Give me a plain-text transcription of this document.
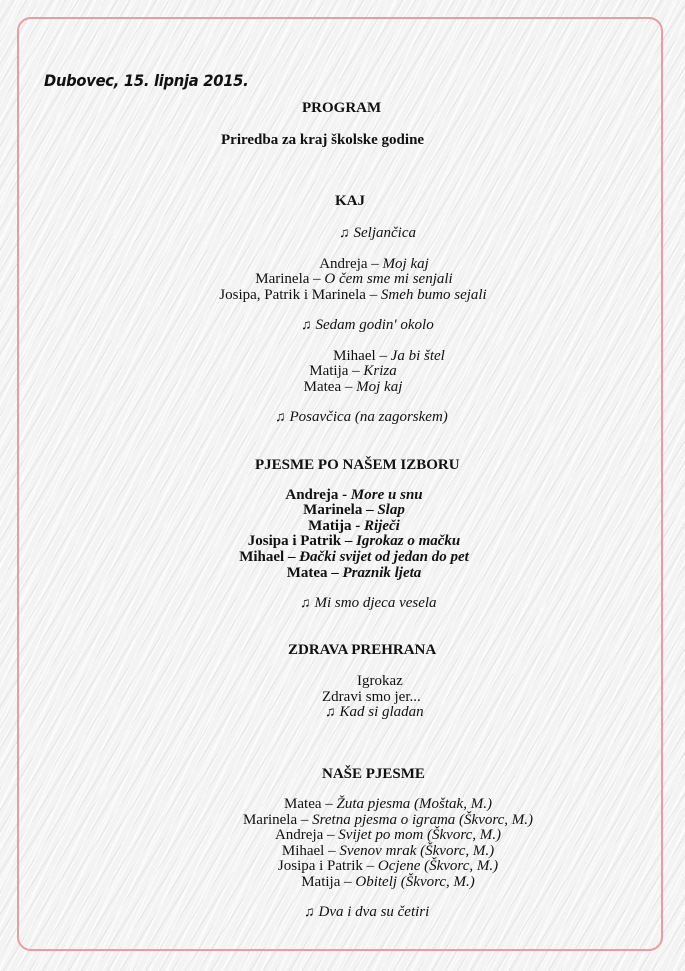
Dubovec, 15. lipnja 2015.
PROGRAM
Priredba za kraj školske godine
KAJ
♫ Seljančica
Andreja – Moj kaj
Marinela – O čem sme mi senjali
Josipa, Patrik i Marinela – Smeh bumo sejali
♫ Sedam godin' okolo
Mihael – Ja bi štel
Matija – Kriza
Matea – Moj kaj
♫ Posavčica (na zagorskem)
PJESME PO NAŠEM IZBORU
Andreja - More u snu
Marinela – Slap
Matija - Riječi
Josipa i Patrik – Igrokaz o mačku
Mihael – Đački svijet od jedan do pet
Matea – Praznik ljeta
♫ Mi smo djeca vesela
ZDRAVA PREHRANA
Igrokaz
Zdravi smo jer...
♫ Kad si gladan
NAŠE PJESME
Matea – Žuta pjesma (Moštak, M.)
Marinela – Sretna pjesma o igrama (Škvorc, M.)
Andreja – Svijet po mom (Škvorc, M.)
Mihael – Svenov mrak (Škvorc, M.)
Josipa i Patrik – Ocjene (Škvorc, M.)
Matija – Obitelj (Škvorc, M.)
♫ Dva i dva su četiri
